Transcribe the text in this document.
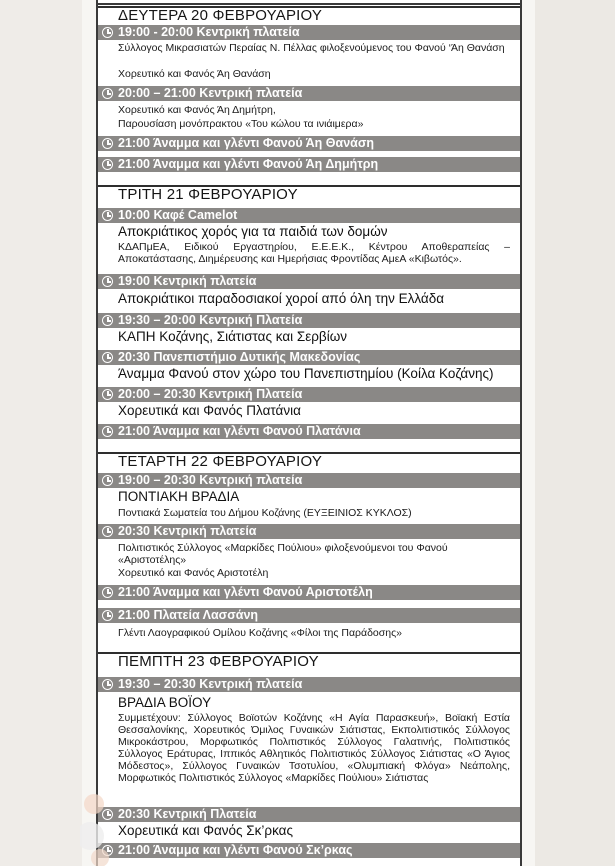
ΔΕΥΤΕΡΑ 20 ΦΕΒΡΟΥΑΡΙΟΥ
19:00 - 20:00 Κεντρική πλατεία
Σύλλογος Μικρασιατών Περαίας Ν. Πέλλας φιλοξενούμενος του Φανού ‘Άη Θανάση
Χορευτικό και Φανός Άη Θανάση
20:00 – 21:00 Κεντρική πλατεία
Χορευτικό και Φανός Άη Δημήτρη,
Παρουσίαση μονόπρακτου «Του κώλου τα ινιάιμερα»
21:00 Άναμμα και γλέντι Φανού Άη Θανάση
21:00 Άναμμα και γλέντι Φανού Άη Δημήτρη
ΤΡΙΤΗ 21 ΦΕΒΡΟΥΑΡΙΟΥ
10:00 Καφέ Camelot
Αποκριάτικος χορός για τα παιδιά των δομών
ΚΔΑΠμΕΑ, Ειδικού Εργαστηρίου, Ε.Ε.Ε.Κ., Κέντρου Αποθεραπείας – Αποκατάστασης, Διημέρευσης και Ημερήσιας Φροντίδας ΑμεΑ «Κιβωτός».
19:00 Κεντρική πλατεία
Αποκριάτικοι παραδοσιακοί χοροί από όλη την Ελλάδα
19:30 – 20:00 Κεντρική Πλατεία
ΚΑΠΗ Κοζάνης, Σιάτιστας και Σερβίων
20:30 Πανεπιστήμιο Δυτικής Μακεδονίας
Άναμμα Φανού στον χώρο του Πανεπιστημίου (Κοίλα Κοζάνης)
20:00 – 20:30 Κεντρική Πλατεία
Χορευτικά και Φανός Πλατάνια
21:00 Άναμμα και γλέντι Φανού Πλατάνια
ΤΕΤΑΡΤΗ 22 ΦΕΒΡΟΥΑΡΙΟΥ
19:00 – 20:30 Κεντρική πλατεία
ΠΟΝΤΙΑΚΗ ΒΡΑΔΙΑ
Ποντιακά Σωματεία του Δήμου Κοζάνης (ΕΥΞΕΙΝΙΟΣ ΚΥΚΛΟΣ)
20:30 Κεντρική πλατεία
Πολιτιστικός Σύλλογος «Μαρκίδες Πούλιου» φιλοξενούμενοι του Φανού «Αριστοτέλης»
Χορευτικό και Φανός Αριστοτέλη
21:00 Άναμμα και γλέντι Φανού Αριστοτέλη
21:00 Πλατεία Λασσάνη
Γλέντι Λαογραφικού Ομίλου Κοζάνης «Φίλοι της Παράδοσης»
ΠΕΜΠΤΗ 23 ΦΕΒΡΟΥΑΡΙΟΥ
19:30 – 20:30 Κεντρική πλατεία
ΒΡΑΔΙΑ ΒΟΪΟΥ
Συμμετέχουν: Σύλλογος Βοϊοτών Κοζάνης «Η Αγία Παρασκευή», Βοϊακή Εστία Θεσσαλονίκης, Χορευτικός Όμιλος Γυναικών Σιάτιστας, Εκπολιτιστικός Σύλλογος Μικροκάστρου, Μορφωτικός Πολιτιστικός Σύλλογος Γαλατινής, Πολιτιστικός Σύλλογος Εράτυρας, Ιππικός Αθλητικός Πολιτιστικός Σύλλογος Σιάτιστας «Ο Άγιος Μόδεστος», Σύλλογος Γυναικών Τσοτυλίου, «Ολυμπιακή Φλόγα» Νεάπολης, Μορφωτικός Πολιτιστικός Σύλλογος «Μαρκίδες Πούλιου» Σιάτιστας
20:30 Κεντρική Πλατεία
Χορευτικά και Φανός Σκ’ρκας
21:00 Άναμμα και γλέντι Φανού Σκ’ρκας
